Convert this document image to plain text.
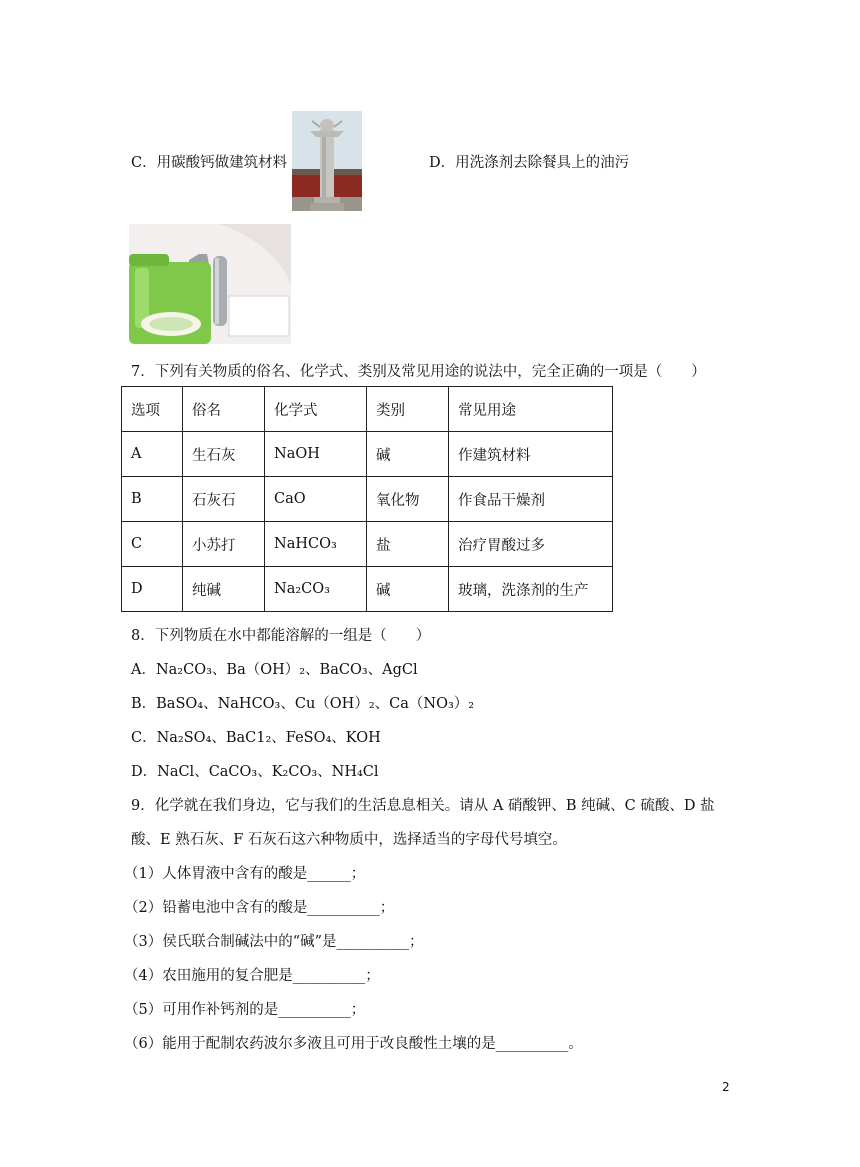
C．用碳酸钙做建筑材料	D．用洗涤剂去除餐具上的油污
7．下列有关物质的俗名、化学式、类别及常见用途的说法中，完全正确的一项是（　　）
选项	俗名	化学式	类别	常见用途
A	生石灰	NaOH	碱	作建筑材料
B	石灰石	CaO	氧化物	作食品干燥剂
C	小苏打	NaHCO₃	盐	治疗胃酸过多
D	纯碱	Na₂CO₃	碱	玻璃，洗涤剂的生产
8．下列物质在水中都能溶解的一组是（　　）
A．Na₂CO₃、Ba（OH）₂、BaCO₃、AgCl
B．BaSO₄、NaHCO₃、Cu（OH）₂、Ca（NO₃）₂
C．Na₂SO₄、BaC1₂、FeSO₄、KOH
D．NaCl、CaCO₃、K₂CO₃、NH₄Cl
9．化学就在我们身边，它与我们的生活息息相关。请从 A 硝酸钾、B 纯碱、C 硫酸、D 盐
酸、E 熟石灰、F 石灰石这六种物质中，选择适当的字母代号填空。
（1）人体胃液中含有的酸是______；
（2）铅蓄电池中含有的酸是__________；
（3）侯氏联合制碱法中的“碱”是__________；
（4）农田施用的复合肥是__________；
（5）可用作补钙剂的是__________；
（6）能用于配制农药波尔多液且可用于改良酸性土壤的是__________。
2
